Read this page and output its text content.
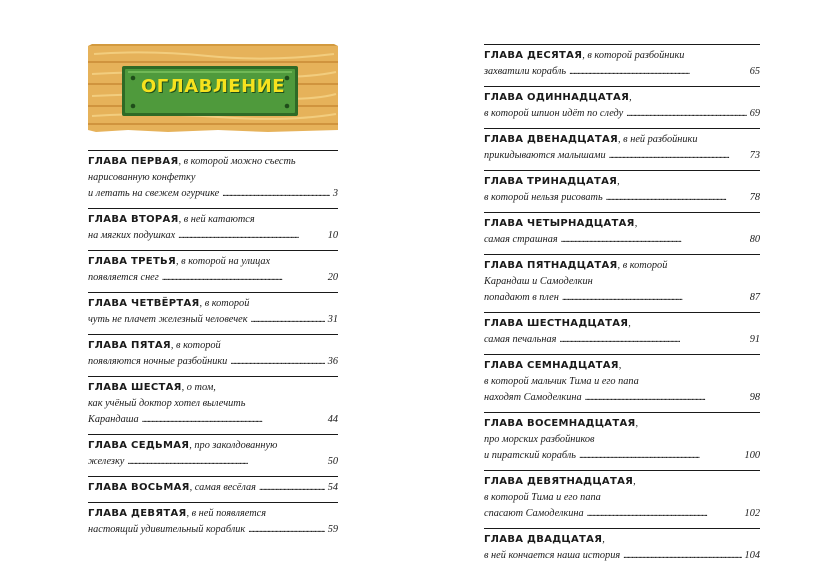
ОГЛАВЛЕНИЕ
ГЛАВА ПЕРВАЯ , в которой можно съесть
нарисованную конфетку
и летать на свежем огурчике . . .	3
ГЛАВА ВТОРАЯ , в ней катаются
на мягких подушках . . .	10
ГЛАВА ТРЕТЬЯ , в которой на улицах
появляется снег . . .	20
ГЛАВА ЧЕТВЁРТАЯ , в которой
чуть не плачет железный человечек . . .	31
ГЛАВА ПЯТАЯ , в которой
появляются ночные разбойники . . .	36
ГЛАВА ШЕСТАЯ , о том,
как учёный доктор хотел вылечить
Карандаша . . .	44
ГЛАВА СЕДЬМАЯ , про заколдованную
железку . . .	50
ГЛАВА ВОСЬМАЯ , самая весёлая . . .	54
ГЛАВА ДЕВЯТАЯ , в ней появляется
настоящий удивительный кораблик . . .	59
ГЛАВА ДЕСЯТАЯ , в которой разбойники
захватили корабль . . .	65
ГЛАВА ОДИННАДЦАТАЯ ,
в которой шпион идёт по следу . . .	69
ГЛАВА ДВЕНАДЦАТАЯ , в ней разбойники
прикидываются малышами . . .	73
ГЛАВА ТРИНАДЦАТАЯ ,
в которой нельзя рисовать . . .	78
ГЛАВА ЧЕТЫРНАДЦАТАЯ ,
самая страшная . . .	80
ГЛАВА ПЯТНАДЦАТАЯ , в которой
Карандаш и Самоделкин
попадают в плен . . .	87
ГЛАВА ШЕСТНАДЦАТАЯ ,
самая печальная . . .	91
ГЛАВА СЕМНАДЦАТАЯ ,
в которой мальчик Тима и его папа
находят Самоделкина . . .	98
ГЛАВА ВОСЕМНАДЦАТАЯ ,
про морских разбойников
и пиратский корабль . . .	100
ГЛАВА ДЕВЯТНАДЦАТАЯ ,
в которой Тима и его папа
спасают Самоделкина . . .	102
ГЛАВА ДВАДЦАТАЯ ,
в ней кончается наша история . . .	104
